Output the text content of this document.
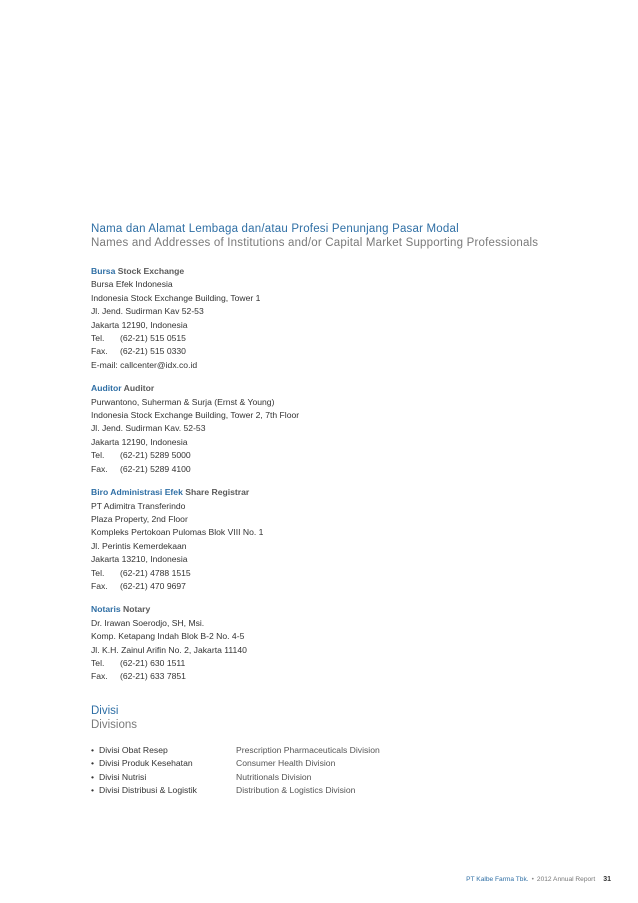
Nama dan Alamat Lembaga dan/atau Profesi Penunjang Pasar Modal
Names and Addresses of Institutions and/or Capital Market Supporting Professionals
Bursa Stock Exchange
Bursa Efek Indonesia
Indonesia Stock Exchange Building, Tower 1
Jl. Jend. Sudirman Kav 52-53
Jakarta 12190, Indonesia
Tel.	(62-21) 515 0515
Fax.	(62-21) 515 0330
E-mail: callcenter@idx.co.id
Auditor Auditor
Purwantono, Suherman & Surja (Ernst & Young)
Indonesia Stock Exchange Building, Tower 2, 7th Floor
Jl. Jend. Sudirman Kav. 52-53
Jakarta 12190, Indonesia
Tel.	(62-21) 5289 5000
Fax.	(62-21) 5289 4100
Biro Administrasi Efek Share Registrar
PT Adimitra Transferindo
Plaza Property, 2nd Floor
Kompleks Pertokoan Pulomas Blok VIII No. 1
Jl. Perintis Kemerdekaan
Jakarta 13210, Indonesia
Tel.	(62-21) 4788 1515
Fax.	(62-21) 470 9697
Notaris Notary
Dr. Irawan Soerodjo, SH, Msi.
Komp. Ketapang Indah Blok B-2 No. 4-5
Jl. K.H. Zainul Arifin No. 2, Jakarta 11140
Tel.	(62-21) 630 1511
Fax.	(62-21) 633 7851
Divisi
Divisions
• Divisi Obat Resep	Prescription Pharmaceuticals Division
• Divisi Produk Kesehatan	Consumer Health Division
• Divisi Nutrisi	Nutritionals Division
• Divisi Distribusi & Logistik	Distribution & Logistics Division
PT Kalbe Farma Tbk. • 2012 Annual Report 31
